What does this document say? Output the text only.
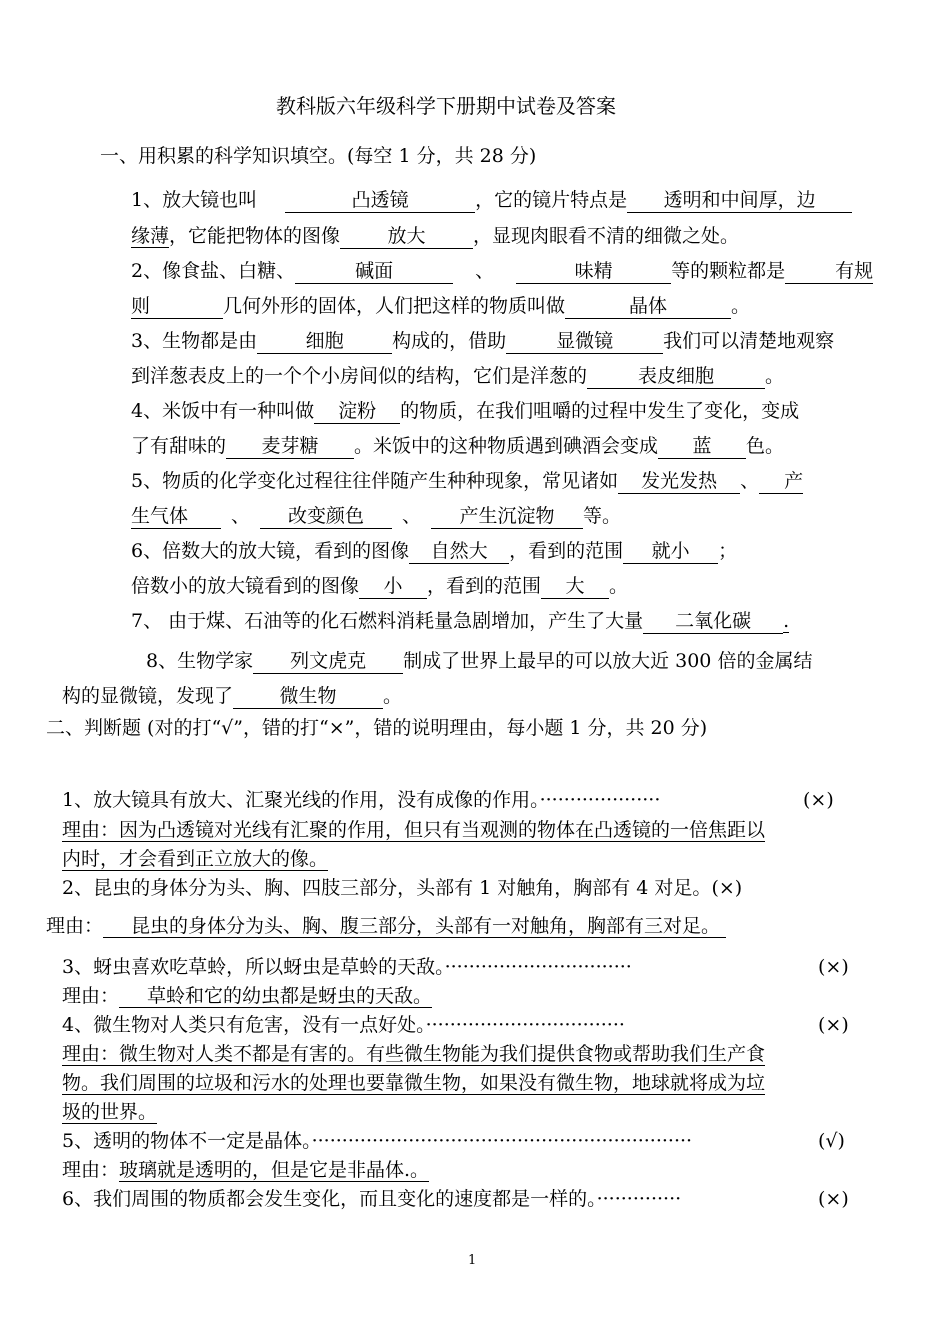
教科版六年级科学下册期中试卷及答案
一、用积累的科学知识填空。(每空 1 分，共 28 分)
1、放大镜也叫	凸透镜	，它的镜片特点是 透明和中间厚，边
缘薄，它能把物体的图像 放大	，显现肉眼看不清的细微之处。
2、像食盐、白糖、	碱面	、	味精	等的颗粒都是	有规
则	几何外形的固体，人们把这样的物质叫做	晶体	。
3、生物都是由	细胞	构成的，借助	显微镜	我们可以清楚地观察
到洋葱表皮上的一个个小房间似的结构，它们是洋葱的	表皮细胞	。
4、米饭中有一种叫做 淀粉 的物质，在我们咀嚼的过程中发生了变化，变成
了有甜味的 麦芽糖 。米饭中的这种物质遇到碘酒会变成 蓝 色。
5、物质的化学变化过程往往伴随产生种种现象，常见诸如 发光发热 、 产
生气体 、 改变颜色 、 产生沉淀物 等。
6、倍数大的放大镜，看到的图像 自然大 ，看到的范围 就小 ；
倍数小的放大镜看到的图像 小 ，看到的范围 大 。
7、 由于煤、石油等的化石燃料消耗量急剧增加，产生了大量 二氧化碳 .
8、生物学家 列文虎克 制成了世界上最早的可以放大近 300 倍的金属结
构的显微镜，发现了 微生物 。
二、判断题 (对的打“√”，错的打“×”，错的说明理由，每小题 1 分，共 20 分)
1、放大镜具有放大、汇聚光线的作用，没有成像的作用。····················	(×)
理由：因为凸透镜对光线有汇聚的作用，但只有当观测的物体在凸透镜的一倍焦距以
内时，才会看到正立放大的像。
2、昆虫的身体分为头、胸、四肢三部分，头部有 1 对触角，胸部有 4 对足。(×)
理由： 昆虫的身体分为头、胸、腹三部分，头部有一对触角，胸部有三对足。
3、蚜虫喜欢吃草蛉，所以蚜虫是草蛉的天敌。·······························	(×)
理由： 草蛉和它的幼虫都是蚜虫的天敌。
4、微生物对人类只有危害，没有一点好处。·································	(×)
理由：微生物对人类不都是有害的。有些微生物能为我们提供食物或帮助我们生产食
物。我们周围的垃圾和污水的处理也要靠微生物，如果没有微生物，地球就将成为垃
圾的世界。
5、透明的物体不一定是晶体。·······························································	(√)
理由：玻璃就是透明的，但是它是非晶体.。
6、我们周围的物质都会发生变化，而且变化的速度都是一样的。··············	(×)
1
